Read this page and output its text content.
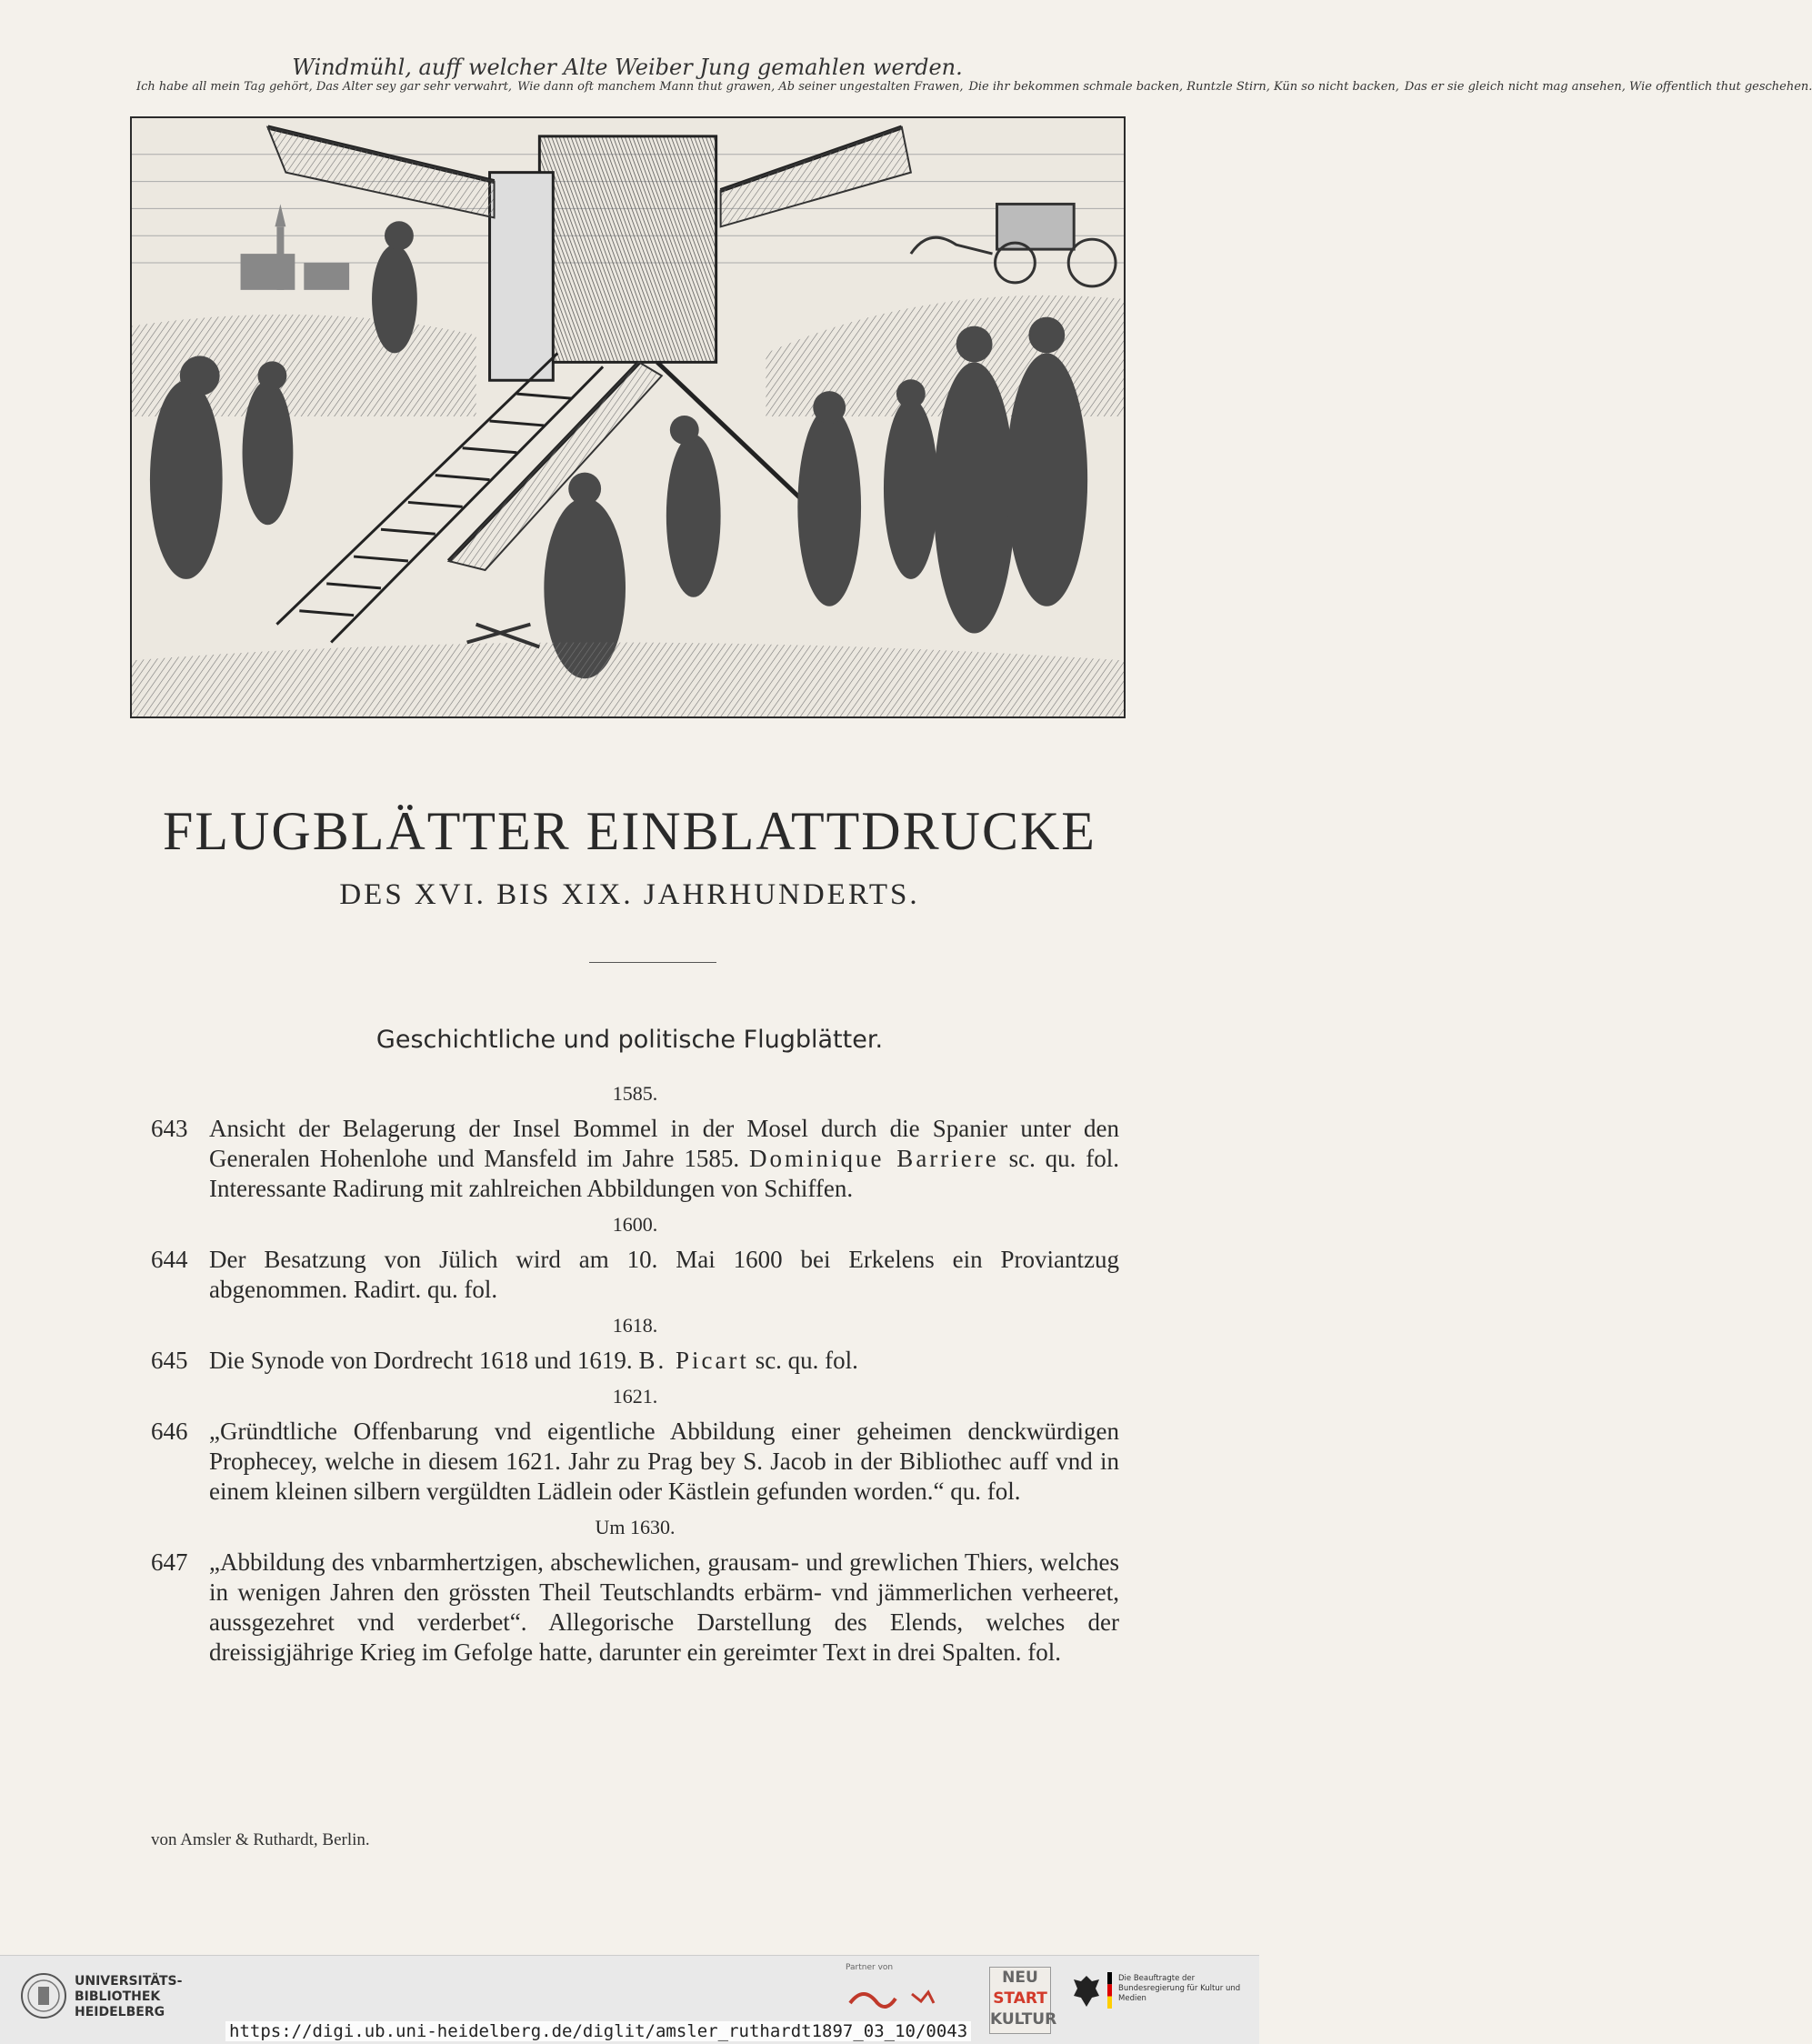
Windmühl, auff welcher Alte Weiber Jung gemahlen werden.
Ich habe all mein Tag gehört, Das Alter sey gar sehr verwahrt, Wie dann oft manchem Mann thut grawen, Ab seiner ungestalten Frawen, Die ihr bekommen schmale backen, Runtzle Stirn, Kün so nicht backen, Das er sie gleich nicht mag ansehen, Wie offentlich thut geschehen.
FLUGBLÄTTER EINBLATTDRUCKE
DES XVI. BIS XIX. JAHRHUNDERTS.
Geschichtliche und politische Flugblätter.
1585.
643 Ansicht der Belagerung der Insel Bommel in der Mosel durch die Spanier unter den Generalen Hohenlohe und Mansfeld im Jahre 1585. Dominique Barriere sc. qu. fol. Interessante Radirung mit zahlreichen Abbildungen von Schiffen.
1600.
644 Der Besatzung von Jülich wird am 10. Mai 1600 bei Erkelens ein Proviantzug abgenommen. Radirt. qu. fol.
1618.
645 Die Synode von Dordrecht 1618 und 1619. B. Picart sc. qu. fol.
1621.
646 „Gründtliche Offenbarung vnd eigentliche Abbildung einer geheimen denckwürdigen Prophecey, welche in diesem 1621. Jahr zu Prag bey S. Jacob in der Bibliothec auff vnd in einem kleinen silbern vergüldten Lädlein oder Kästlein gefunden worden.“ qu. fol.
Um 1630.
647 „Abbildung des vnbarmhertzigen, abschewlichen, grausam- und grewlichen Thiers, welches in wenigen Jahren den grössten Theil Teutschlandts erbärm- vnd jämmerlichen verheeret, aussgezehret vnd verderbet“. Allegorische Darstellung des Elends, welches der dreissigjährige Krieg im Gefolge hatte, darunter ein gereimter Text in drei Spalten. fol.
von Amsler & Ruthardt, Berlin.
UNIVERSITÄTS-
BIBLIOTHEK
HEIDELBERG
Partner von
NEU
START
KULTUR
Die Beauftragte der Bundesregierung für Kultur und Medien
https://digi.ub.uni-heidelberg.de/diglit/amsler_ruthardt1897_03_10/0043
